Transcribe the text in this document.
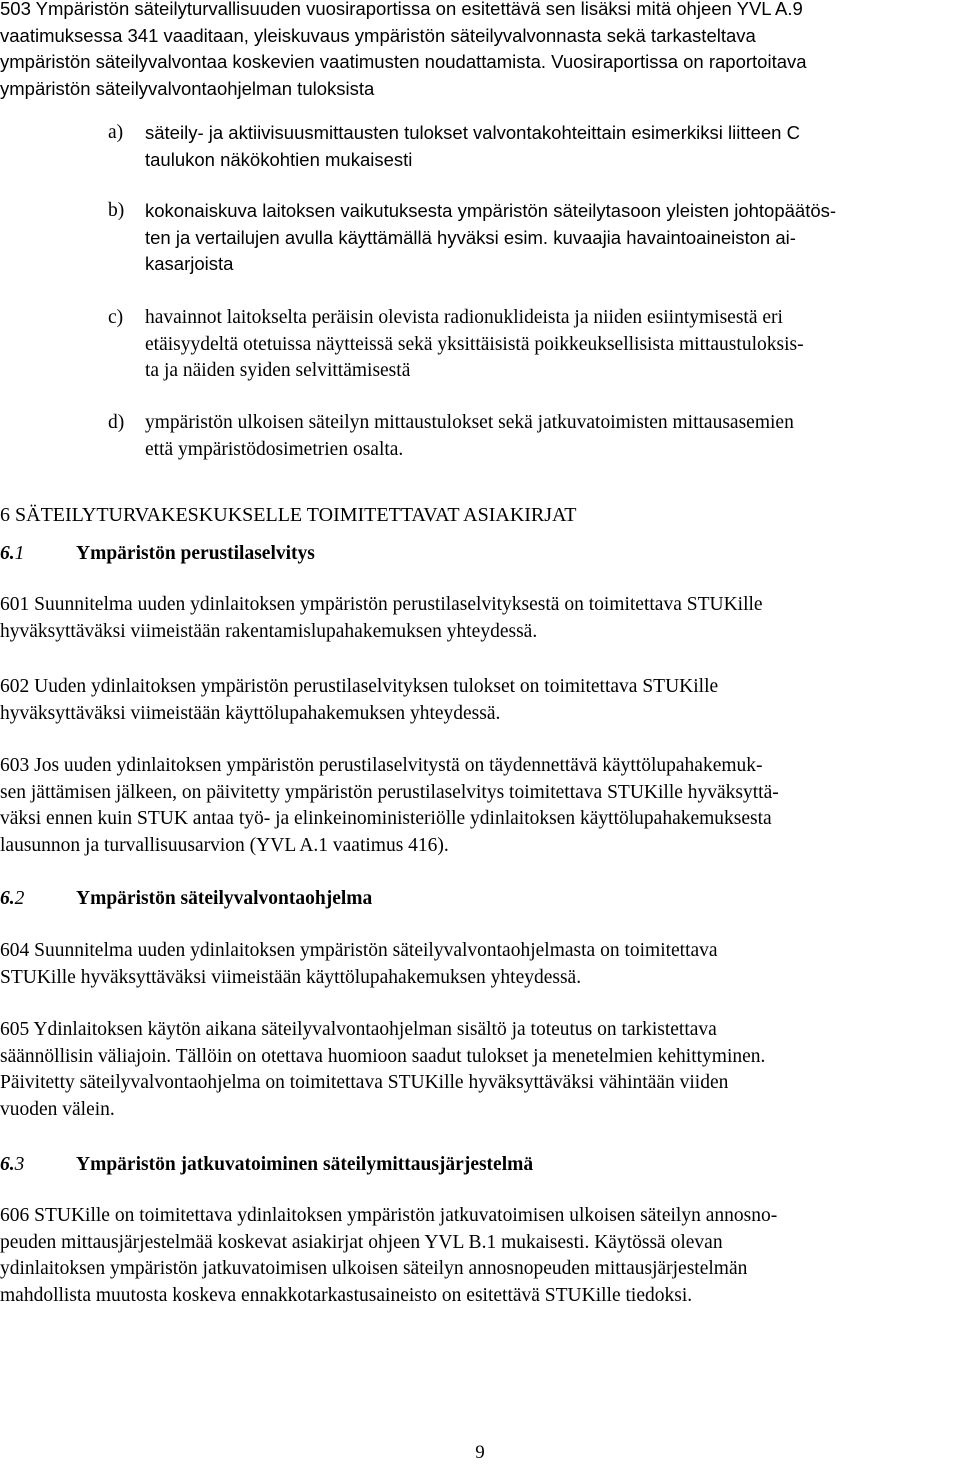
503 Ympäristön säteilyturvallisuuden vuosiraportissa on esitettävä sen lisäksi mitä ohjeen YVL A.9
vaatimuksessa 341 vaaditaan, yleiskuvaus ympäristön säteilyvalvonnasta sekä tarkasteltava
ympäristön säteilyvalvontaa koskevien vaatimusten noudattamista. Vuosiraportissa on raportoitava
ympäristön säteilyvalvontaohjelman tuloksista
a)	säteily- ja aktiivisuusmittausten tulokset valvontakohteittain esimerkiksi liitteen C
taulukon näkökohtien mukaisesti
b)	kokonaiskuva laitoksen vaikutuksesta ympäristön säteilytasoon yleisten johtopäätös-
ten ja vertailujen avulla käyttämällä hyväksi esim. kuvaajia havaintoaineiston ai-
kasarjoista
c)	havainnot laitokselta peräisin olevista radionuklideista ja niiden esiintymisestä eri
etäisyydeltä otetuissa näytteissä sekä yksittäisistä poikkeuksellisista mittaustuloksis-
ta ja näiden syiden selvittämisestä
d)	ympäristön ulkoisen säteilyn mittaustulokset sekä jatkuvatoimisten mittausasemien
että ympäristödosimetrien osalta.
6 SÄTEILYTURVAKESKUKSELLE TOIMITETTAVAT ASIAKIRJAT
6.1	Ympäristön perustilaselvitys
601 Suunnitelma uuden ydinlaitoksen ympäristön perustilaselvityksestä on toimitettava STUKille
hyväksyttäväksi viimeistään rakentamislupahakemuksen yhteydessä.
602 Uuden ydinlaitoksen ympäristön perustilaselvityksen tulokset on toimitettava STUKille
hyväksyttäväksi viimeistään käyttölupahakemuksen yhteydessä.
603 Jos uuden ydinlaitoksen ympäristön perustilaselvitystä on täydennettävä käyttölupahakemuk-
sen jättämisen jälkeen, on päivitetty ympäristön perustilaselvitys toimitettava STUKille hyväksyttä-
väksi ennen kuin STUK antaa työ- ja elinkeinoministeriölle ydinlaitoksen käyttölupahakemuksesta
lausunnon ja turvallisuusarvion (YVL A.1 vaatimus 416).
6.2	Ympäristön säteilyvalvontaohjelma
604 Suunnitelma uuden ydinlaitoksen ympäristön säteilyvalvontaohjelmasta on toimitettava
STUKille hyväksyttäväksi viimeistään käyttölupahakemuksen yhteydessä.
605 Ydinlaitoksen käytön aikana säteilyvalvontaohjelman sisältö ja toteutus on tarkistettava
säännöllisin väliajoin. Tällöin on otettava huomioon saadut tulokset ja menetelmien kehittyminen.
Päivitetty säteilyvalvontaohjelma on toimitettava STUKille hyväksyttäväksi vähintään viiden
vuoden välein.
6.3	Ympäristön jatkuvatoiminen säteilymittausjärjestelmä
606 STUKille on toimitettava ydinlaitoksen ympäristön jatkuvatoimisen ulkoisen säteilyn annosno-
peuden mittausjärjestelmää koskevat asiakirjat ohjeen YVL B.1 mukaisesti. Käytössä olevan
ydinlaitoksen ympäristön jatkuvatoimisen ulkoisen säteilyn annosnopeuden mittausjärjestelmän
mahdollista muutosta koskeva ennakkotarkastusaineisto on esitettävä STUKille tiedoksi.
9
